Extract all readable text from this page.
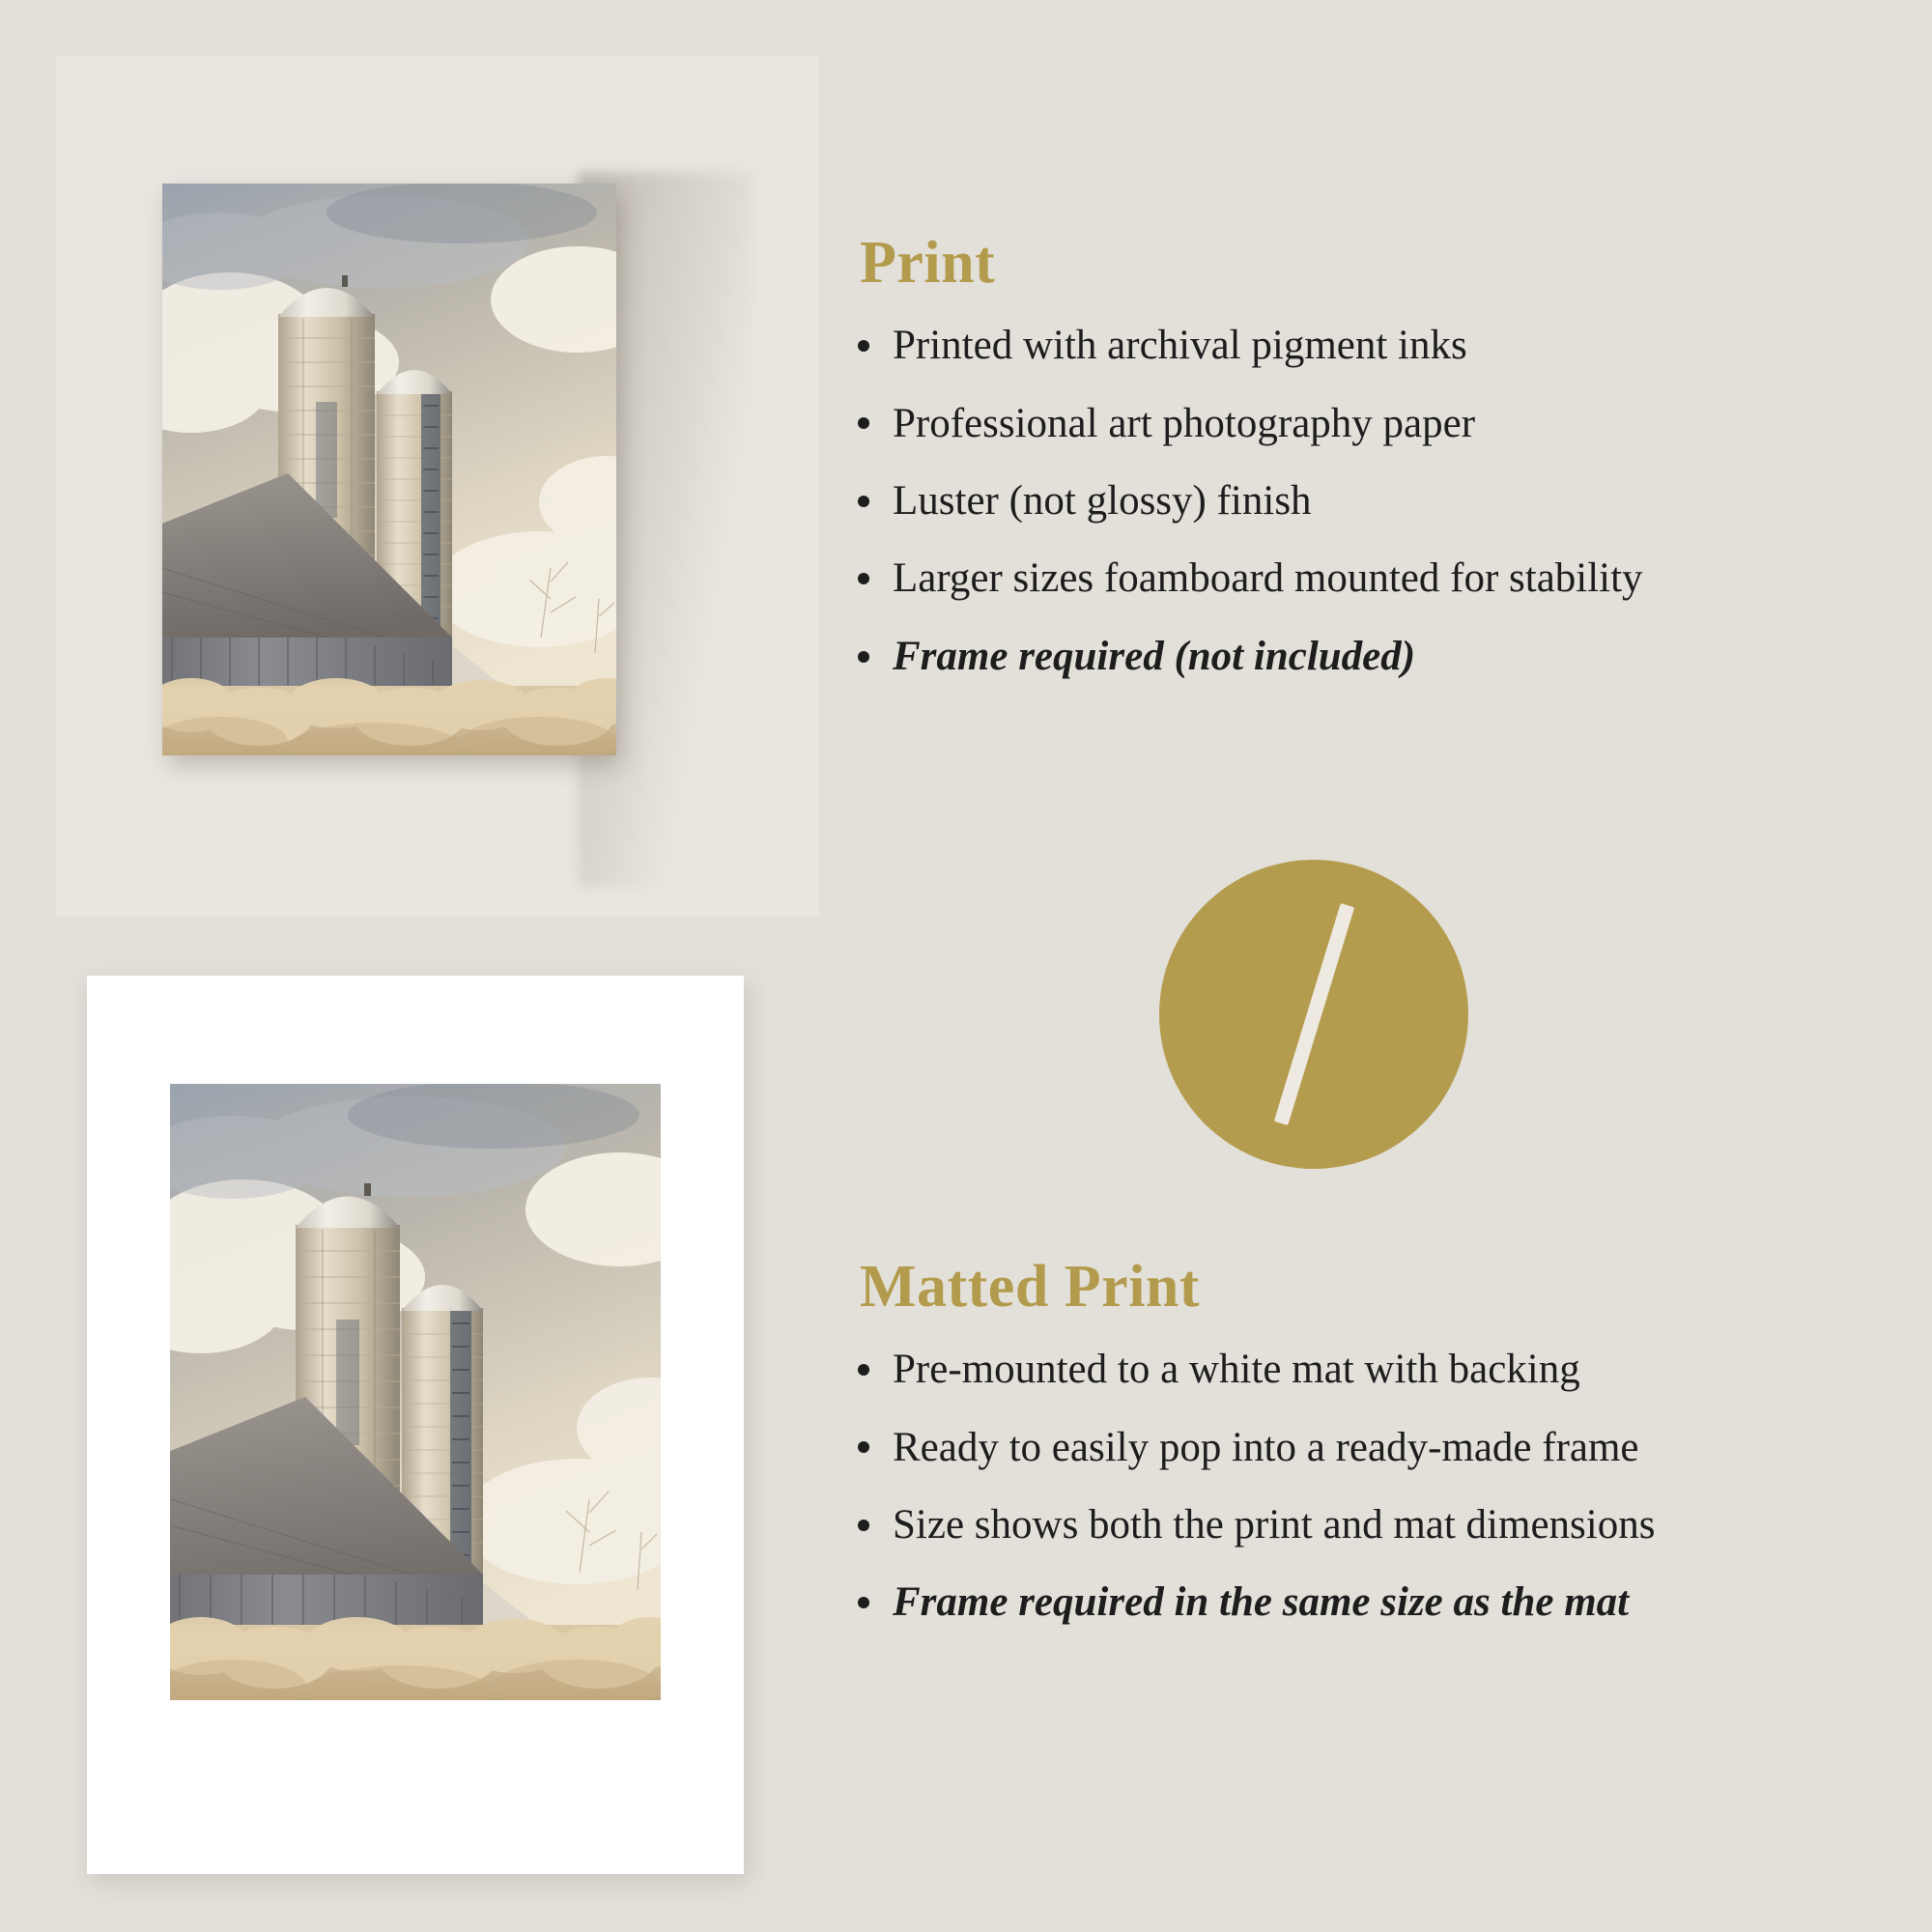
Print
Printed with archival pigment inks
Professional art photography paper
Luster (not glossy) finish
Larger sizes foamboard mounted for stability
Frame required (not included)
Matted Print
Pre-mounted to a white mat with backing
Ready to easily pop into a ready-made frame
Size shows both the print and mat dimensions
Frame required in the same size as the mat
